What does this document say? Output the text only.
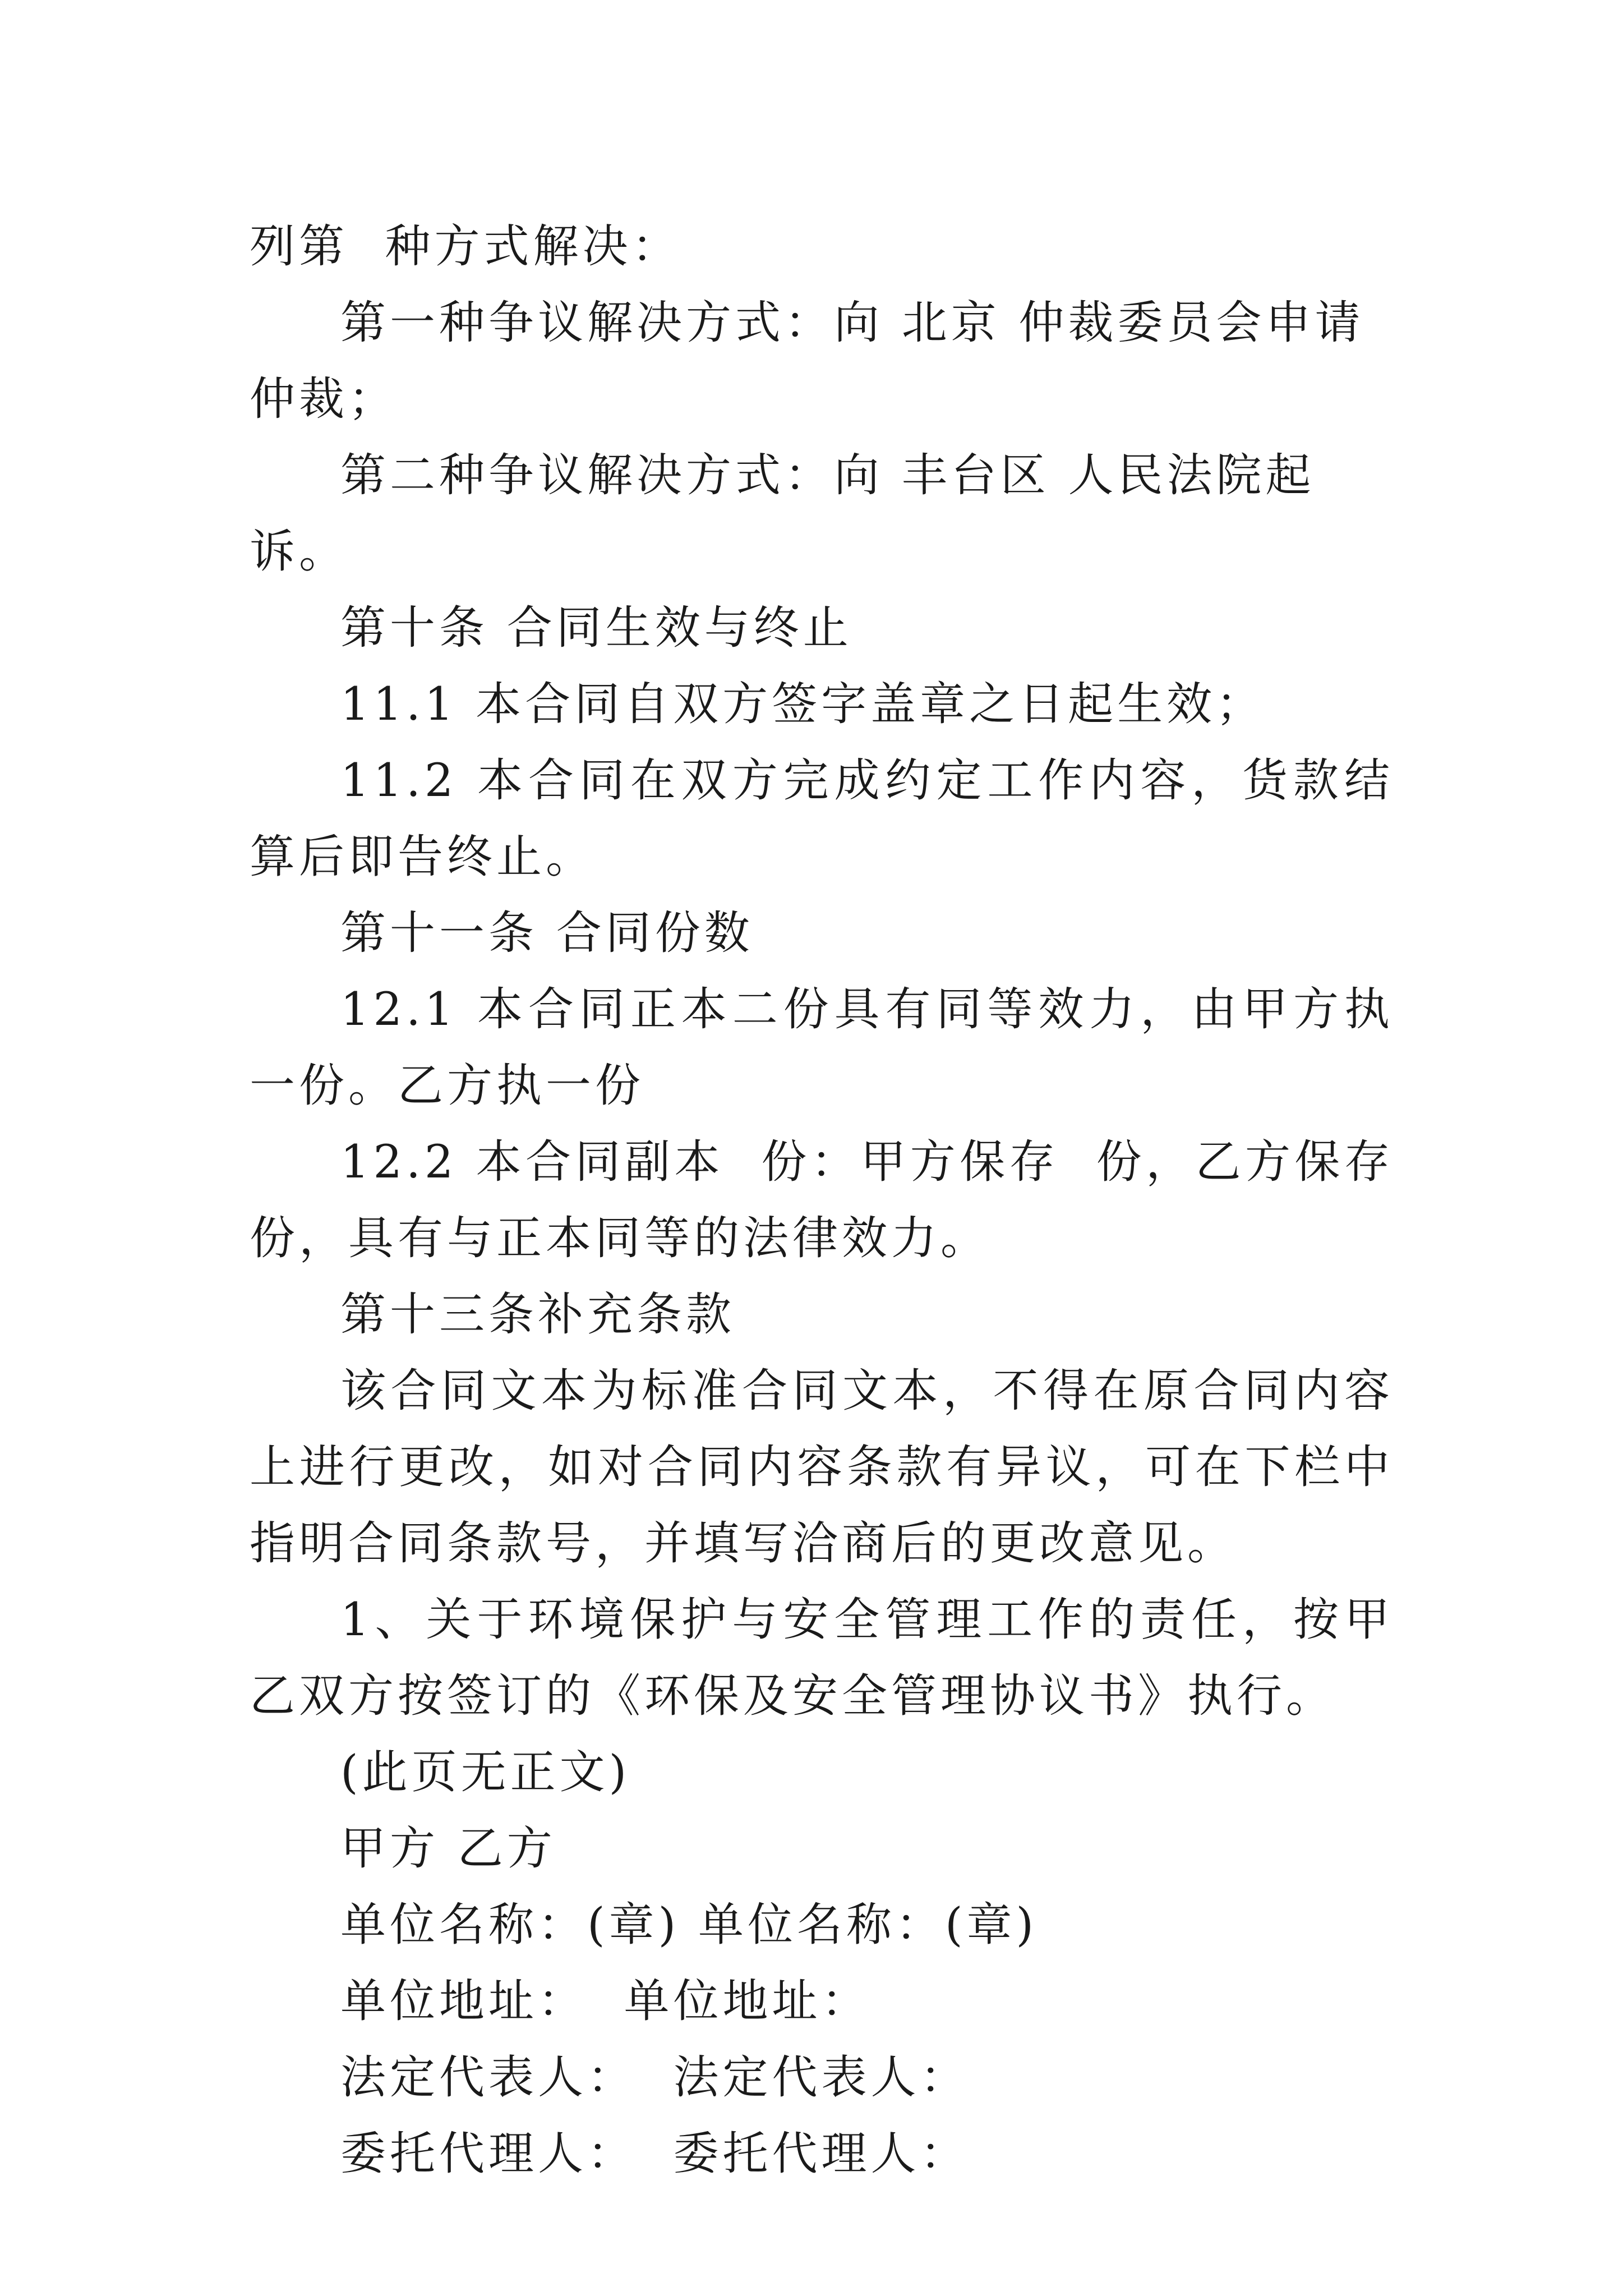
列第  种方式解决：

第一种争议解决方式：向 北京 仲裁委员会申请仲裁；

第二种争议解决方式：向 丰台区 人民法院起诉。

第十条 合同生效与终止

11.1 本合同自双方签字盖章之日起生效；

11.2 本合同在双方完成约定工作内容，货款结算后即告终止。

第十一条 合同份数

12.1 本合同正本二份具有同等效力，由甲方执一份。乙方执一份

12.2 本合同副本  份：甲方保存  份，乙方保存  份，具有与正本同等的法律效力。

第十三条补充条款

该合同文本为标准合同文本，不得在原合同内容上进行更改，如对合同内容条款有异议，可在下栏中指明合同条款号，并填写洽商后的更改意见。

1、关于环境保护与安全管理工作的责任，按甲乙双方按签订的《环保及安全管理协议书》执行。

(此页无正文)

甲方 乙方

单位名称：(章) 单位名称：(章)

单位地址：  单位地址：

法定代表人：  法定代表人：

委托代理人：  委托代理人：
